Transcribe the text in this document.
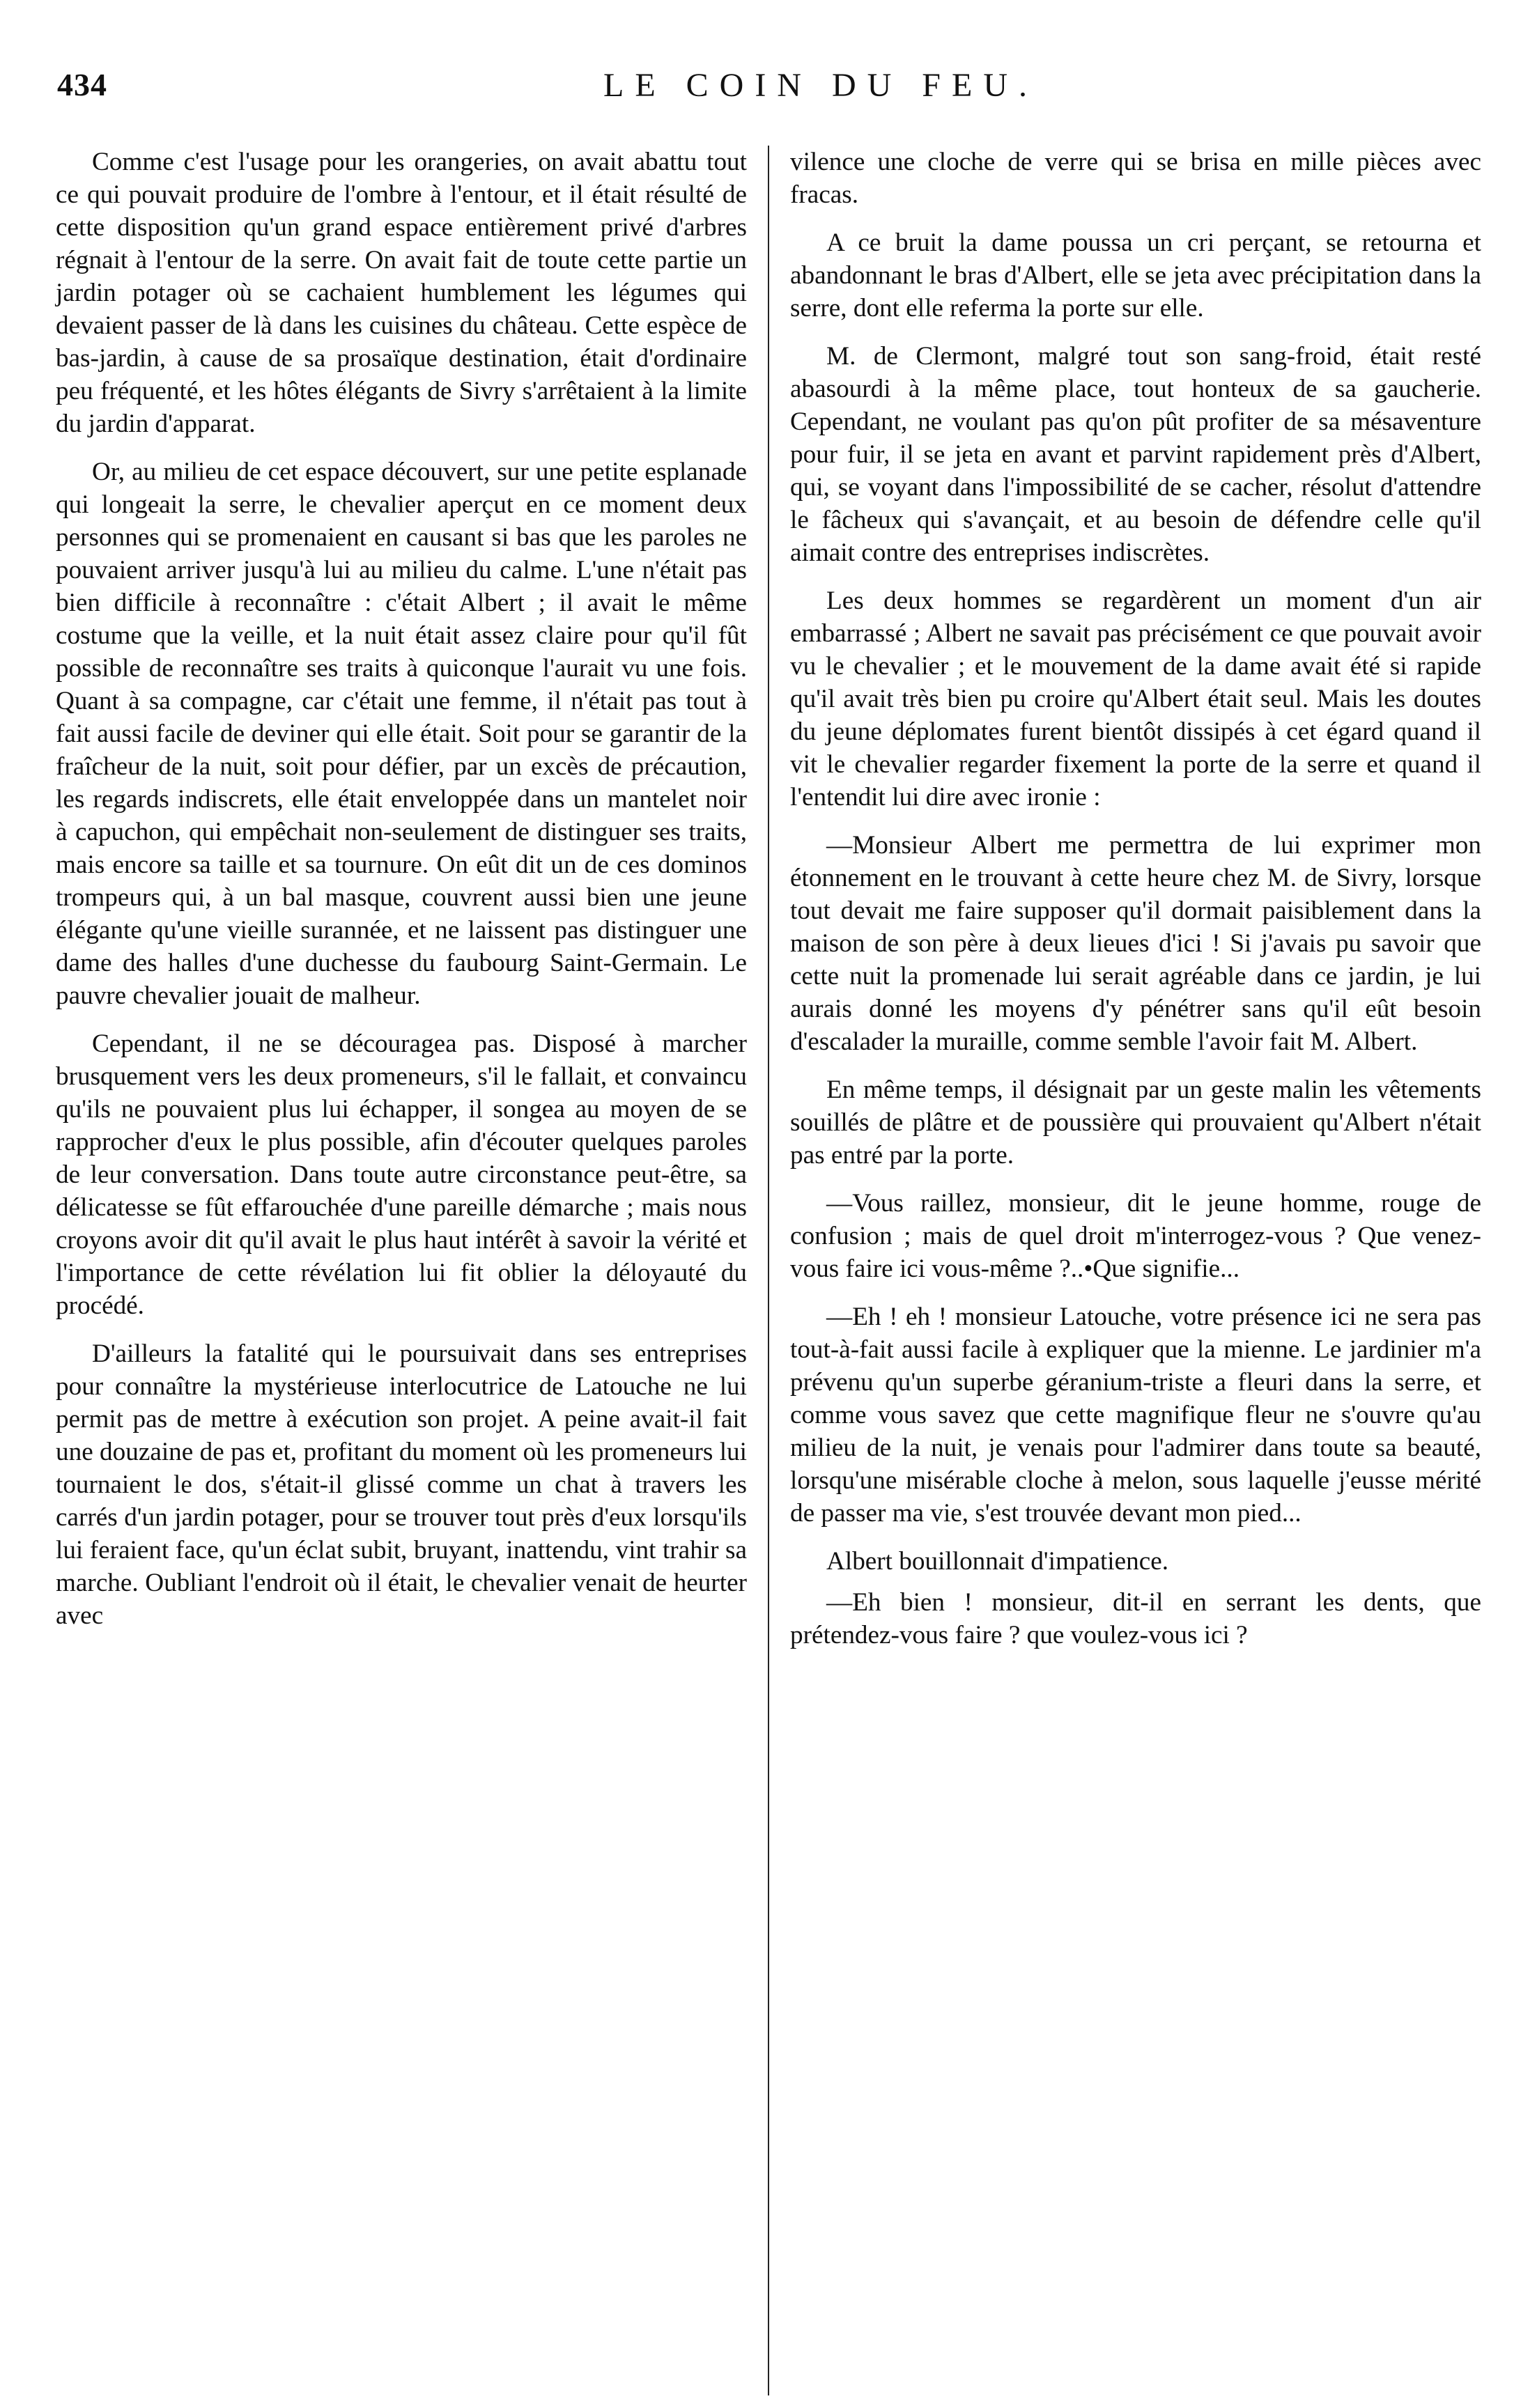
434	LE COIN DU FEU.

Comme c'est l'usage pour les orangeries, on avait abattu tout ce qui pouvait produire de l'ombre à l'entour, et il était résulté de cette disposition qu'un grand espace entièrement privé d'arbres régnait à l'entour de la serre. On avait fait de toute cette partie un jardin potager où se cachaient humblement les légumes qui devaient passer de là dans les cuisines du château. Cette espèce de bas-jardin, à cause de sa prosaïque destination, était d'ordinaire peu fréquenté, et les hôtes élégants de Sivry s'arrêtaient à la limite du jardin d'apparat.

Or, au milieu de cet espace découvert, sur une petite esplanade qui longeait la serre, le chevalier aperçut en ce moment deux personnes qui se promenaient en causant si bas que les paroles ne pouvaient arriver jusqu'à lui au milieu du calme. L'une n'était pas bien difficile à reconnaître : c'était Albert ; il avait le même costume que la veille, et la nuit était assez claire pour qu'il fût possible de reconnaître ses traits à quiconque l'aurait vu une fois. Quant à sa compagne, car c'était une femme, il n'était pas tout à fait aussi facile de deviner qui elle était. Soit pour se garantir de la fraîcheur de la nuit, soit pour défier, par un excès de précaution, les regards indiscrets, elle était enveloppée dans un mantelet noir à capuchon, qui empêchait non-seulement de distinguer ses traits, mais encore sa taille et sa tournure. On eût dit un de ces dominos trompeurs qui, à un bal masque, couvrent aussi bien une jeune élégante qu'une vieille surannée, et ne laissent pas distinguer une dame des halles d'une duchesse du faubourg Saint-Germain. Le pauvre chevalier jouait de malheur.

Cependant, il ne se découragea pas. Disposé à marcher brusquement vers les deux promeneurs, s'il le fallait, et convaincu qu'ils ne pouvaient plus lui échapper, il songea au moyen de se rapprocher d'eux le plus possible, afin d'écouter quelques paroles de leur conversation. Dans toute autre circonstance peut-être, sa délicatesse se fût effarouchée d'une pareille démarche ; mais nous croyons avoir dit qu'il avait le plus haut intérêt à savoir la vérité et l'importance de cette révélation lui fit oblier la déloyauté du procédé.

D'ailleurs la fatalité qui le poursuivait dans ses entreprises pour connaître la mystérieuse interlocutrice de Latouche ne lui permit pas de mettre à exécution son projet. A peine avait-il fait une douzaine de pas et, profitant du moment où les promeneurs lui tournaient le dos, s'était-il glissé comme un chat à travers les carrés d'un jardin potager, pour se trouver tout près d'eux lorsqu'ils lui feraient face, qu'un éclat subit, bruyant, inattendu, vint trahir sa marche. Oubliant l'endroit où il était, le chevalier venait de heurter avec

vilence une cloche de verre qui se brisa en mille pièces avec fracas.

A ce bruit la dame poussa un cri perçant, se retourna et abandonnant le bras d'Albert, elle se jeta avec précipitation dans la serre, dont elle referma la porte sur elle.

M. de Clermont, malgré tout son sang-froid, était resté abasourdi à la même place, tout honteux de sa gaucherie. Cependant, ne voulant pas qu'on pût profiter de sa mésaventure pour fuir, il se jeta en avant et parvint rapidement près d'Albert, qui, se voyant dans l'impossibilité de se cacher, résolut d'attendre le fâcheux qui s'avançait, et au besoin de défendre celle qu'il aimait contre des entreprises indiscrètes.

Les deux hommes se regardèrent un moment d'un air embarrassé ; Albert ne savait pas précisément ce que pouvait avoir vu le chevalier ; et le mouvement de la dame avait été si rapide qu'il avait très bien pu croire qu'Albert était seul. Mais les doutes du jeune déplomates furent bientôt dissipés à cet égard quand il vit le chevalier regarder fixement la porte de la serre et quand il l'entendit lui dire avec ironie :

—Monsieur Albert me permettra de lui exprimer mon étonnement en le trouvant à cette heure chez M. de Sivry, lorsque tout devait me faire supposer qu'il dormait paisiblement dans la maison de son père à deux lieues d'ici ! Si j'avais pu savoir que cette nuit la promenade lui serait agréable dans ce jardin, je lui aurais donné les moyens d'y pénétrer sans qu'il eût besoin d'escalader la muraille, comme semble l'avoir fait M. Albert.

En même temps, il désignait par un geste malin les vêtements souillés de plâtre et de poussière qui prouvaient qu'Albert n'était pas entré par la porte.

—Vous raillez, monsieur, dit le jeune homme, rouge de confusion ; mais de quel droit m'interrogez-vous ? Que venez-vous faire ici vous-même ?..•Que signifie...

—Eh ! eh ! monsieur Latouche, votre présence ici ne sera pas tout-à-fait aussi facile à expliquer que la mienne. Le jardinier m'a prévenu qu'un superbe géranium-triste a fleuri dans la serre, et comme vous savez que cette magnifique fleur ne s'ouvre qu'au milieu de la nuit, je venais pour l'admirer dans toute sa beauté, lorsqu'une misérable cloche à melon, sous laquelle j'eusse mérité de passer ma vie, s'est trouvée devant mon pied...

Albert bouillonnait d'impatience.

—Eh bien ! monsieur, dit-il en serrant les dents, que prétendez-vous faire ? que voulez-vous ici ?
